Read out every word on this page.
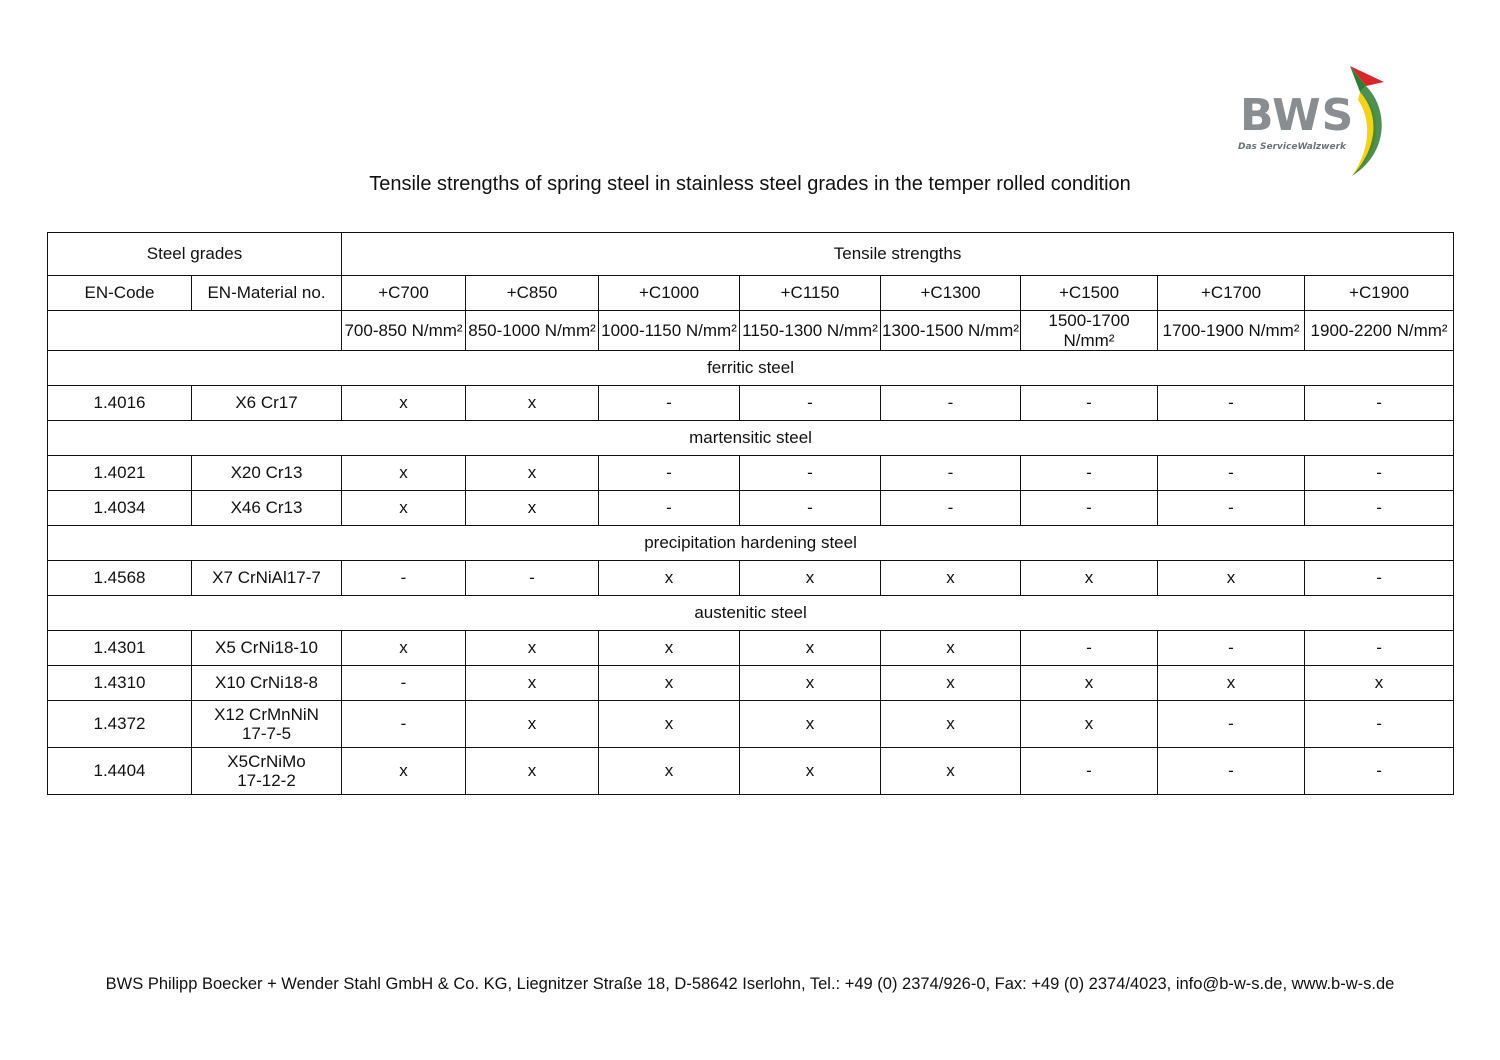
BWS
Das ServiceWalzwerk
Tensile strengths of spring steel in stainless steel grades in the temper rolled condition
Steel grades		Tensile strengths							
EN-Code	EN-Material no.	+C700	+C850	+C1000	+C1150	+C1300	+C1500	+C1700	+C1900
		700-850 N/mm²	850-1000 N/mm²	1000-1150 N/mm²	1150-1300 N/mm²	1300-1500 N/mm²	1500-1700 N/mm²	1700-1900 N/mm²	1900-2200 N/mm²
ferritic steel									
1.4016	X6 Cr17	x	x	-	-	-	-	-	-
martensitic steel									
1.4021	X20 Cr13	x	x	-	-	-	-	-	-
1.4034	X46 Cr13	x	x	-	-	-	-	-	-
precipitation hardening steel									
1.4568	X7 CrNiAl17-7	-	-	x	x	x	x	x	-
austenitic steel									
1.4301	X5 CrNi18-10	x	x	x	x	x	-	-	-
1.4310	X10 CrNi18-8	-	x	x	x	x	x	x	x
1.4372	X12 CrMnNiN
17-7-5	-	x	x	x	x	x	-	-
1.4404	X5CrNiMo
17-12-2	x	x	x	x	x	-	-	-
BWS Philipp Boecker + Wender Stahl GmbH & Co. KG, Liegnitzer Straße 18, D-58642 Iserlohn, Tel.: +49 (0) 2374/926-0, Fax: +49 (0) 2374/4023, info@b-w-s.de, www.b-w-s.de
